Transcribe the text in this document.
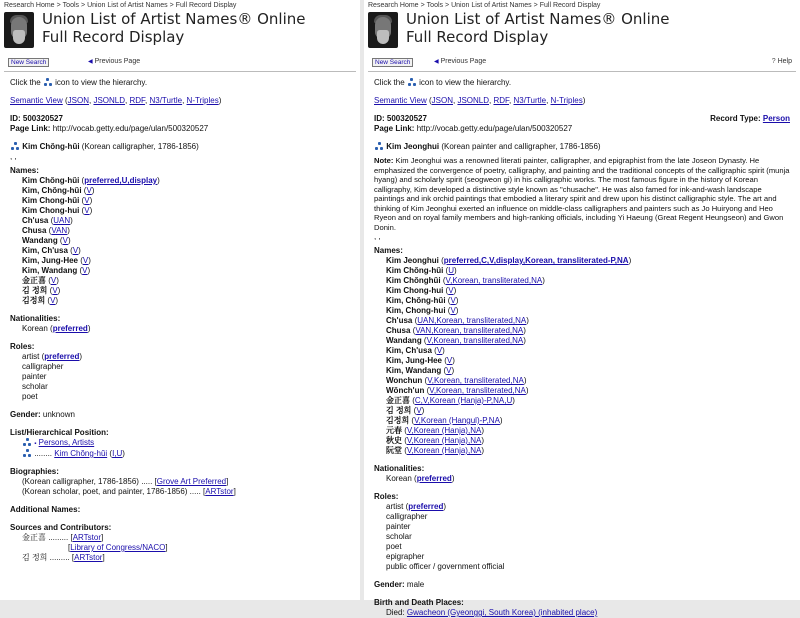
Research Home > Tools > Union List of Artist Names > Full Record Display
Union List of Artist Names® Online
Full Record Display
New Search	◀ Previous Page
Click the icon to view the hierarchy.
Semantic View (JSON, JSONLD, RDF, N3/Turtle, N-Triples)
ID: 500320527
Page Link: http://vocab.getty.edu/page/ulan/500320527
Kim Chŏng-hŭi (Korean calligrapher, 1786-1856)
, ,
Names:
Kim Chŏng-hŭi (preferred,U,display)
Kim, Chŏng-hŭi (V)
Kim Chong-hŭi (V)
Kim Chong-hui (V)
Ch'usa (UAN)
Chusa (VAN)
Wandang (V)
Kim, Ch'usa (V)
Kim, Jung-Hee (V)
Kim, Wandang (V)
金正喜 (V)
김 정희 (V)
김정희 (V)
Nationalities:
Korean (preferred)
Roles:
artist (preferred)
calligrapher
painter
scholar
poet
Gender: unknown
List/Hierarchical Position:
▪ Persons, Artists
........ Kim Chŏng-hŭi (I,U)
Biographies:
(Korean calligrapher, 1786-1856) ..... [Grove Art Preferred]
(Korean scholar, poet, and painter, 1786-1856) ..... [ARTstor]
Additional Names:
Sources and Contributors:
金正喜 ......... [ARTstor]
[Library of Congress/NACO]
김 정희 ......... [ARTstor]
Research Home > Tools > Union List of Artist Names > Full Record Display
Union List of Artist Names® Online
Full Record Display
New Search	◀ Previous Page	? Help
Click the icon to view the hierarchy.
Semantic View (JSON, JSONLD, RDF, N3/Turtle, N-Triples)
ID: 500320527	Record Type: Person
Page Link: http://vocab.getty.edu/page/ulan/500320527
Kim Jeonghui (Korean painter and calligrapher, 1786-1856)
Note: Kim Jeonghui was a renowned literati painter, calligrapher, and epigraphist from the late Joseon Dynasty. He emphasized the convergence of poetry, calligraphy, and painting and the traditional concepts of the calligraphic spirit (munja hyang) and scholarly spirit (seogweon gi) in his calligraphic works. The most famous figure in the history of Korean calligraphy, Kim developed a distinctive style known as "chusache". He was also famed for ink-and-wash landscape paintings and ink orchid paintings that embodied a literary spirit and drew upon his distinct calligraphic style. The art and thinking of Kim Jeonghui exerted an influence on middle-class calligraphers and painters such as Jo Huiryong and Heo Ryeon and on royal family members and high-ranking officials, including Yi Haeung (Great Regent Heungseon) and Gwon Donin.
, ,
Names:
Kim Jeonghui (preferred,C,V,display,Korean, transliterated-P,NA)
Kim Chŏng-hŭi (U)
Kim Chŏnghŭi (V,Korean, transliterated,NA)
Kim Chong-hui (V)
Kim, Chŏng-hŭi (V)
Kim, Chong-hui (V)
Ch'usa (UAN,Korean, transliterated,NA)
Chusa (VAN,Korean, transliterated,NA)
Wandang (V,Korean, transliterated,NA)
Kim, Ch'usa (V)
Kim, Jung-Hee (V)
Kim, Wandang (V)
Wonchun (V,Korean, transliterated,NA)
Wŏnch'un (V,Korean, transliterated,NA)
金正喜 (C,V,Korean (Hanja)-P,NA,U)
김 정희 (V)
김정희 (V,Korean (Hangul)-P,NA)
元春 (V,Korean (Hanja),NA)
秋史 (V,Korean (Hanja),NA)
阮堂 (V,Korean (Hanja),NA)
Nationalities:
Korean (preferred)
Roles:
artist (preferred)
calligrapher
painter
scholar
poet
epigrapher
public officer / government official
Gender: male
Birth and Death Places:
Died: Gwacheon (Gyeonggi, South Korea) (inhabited place)
